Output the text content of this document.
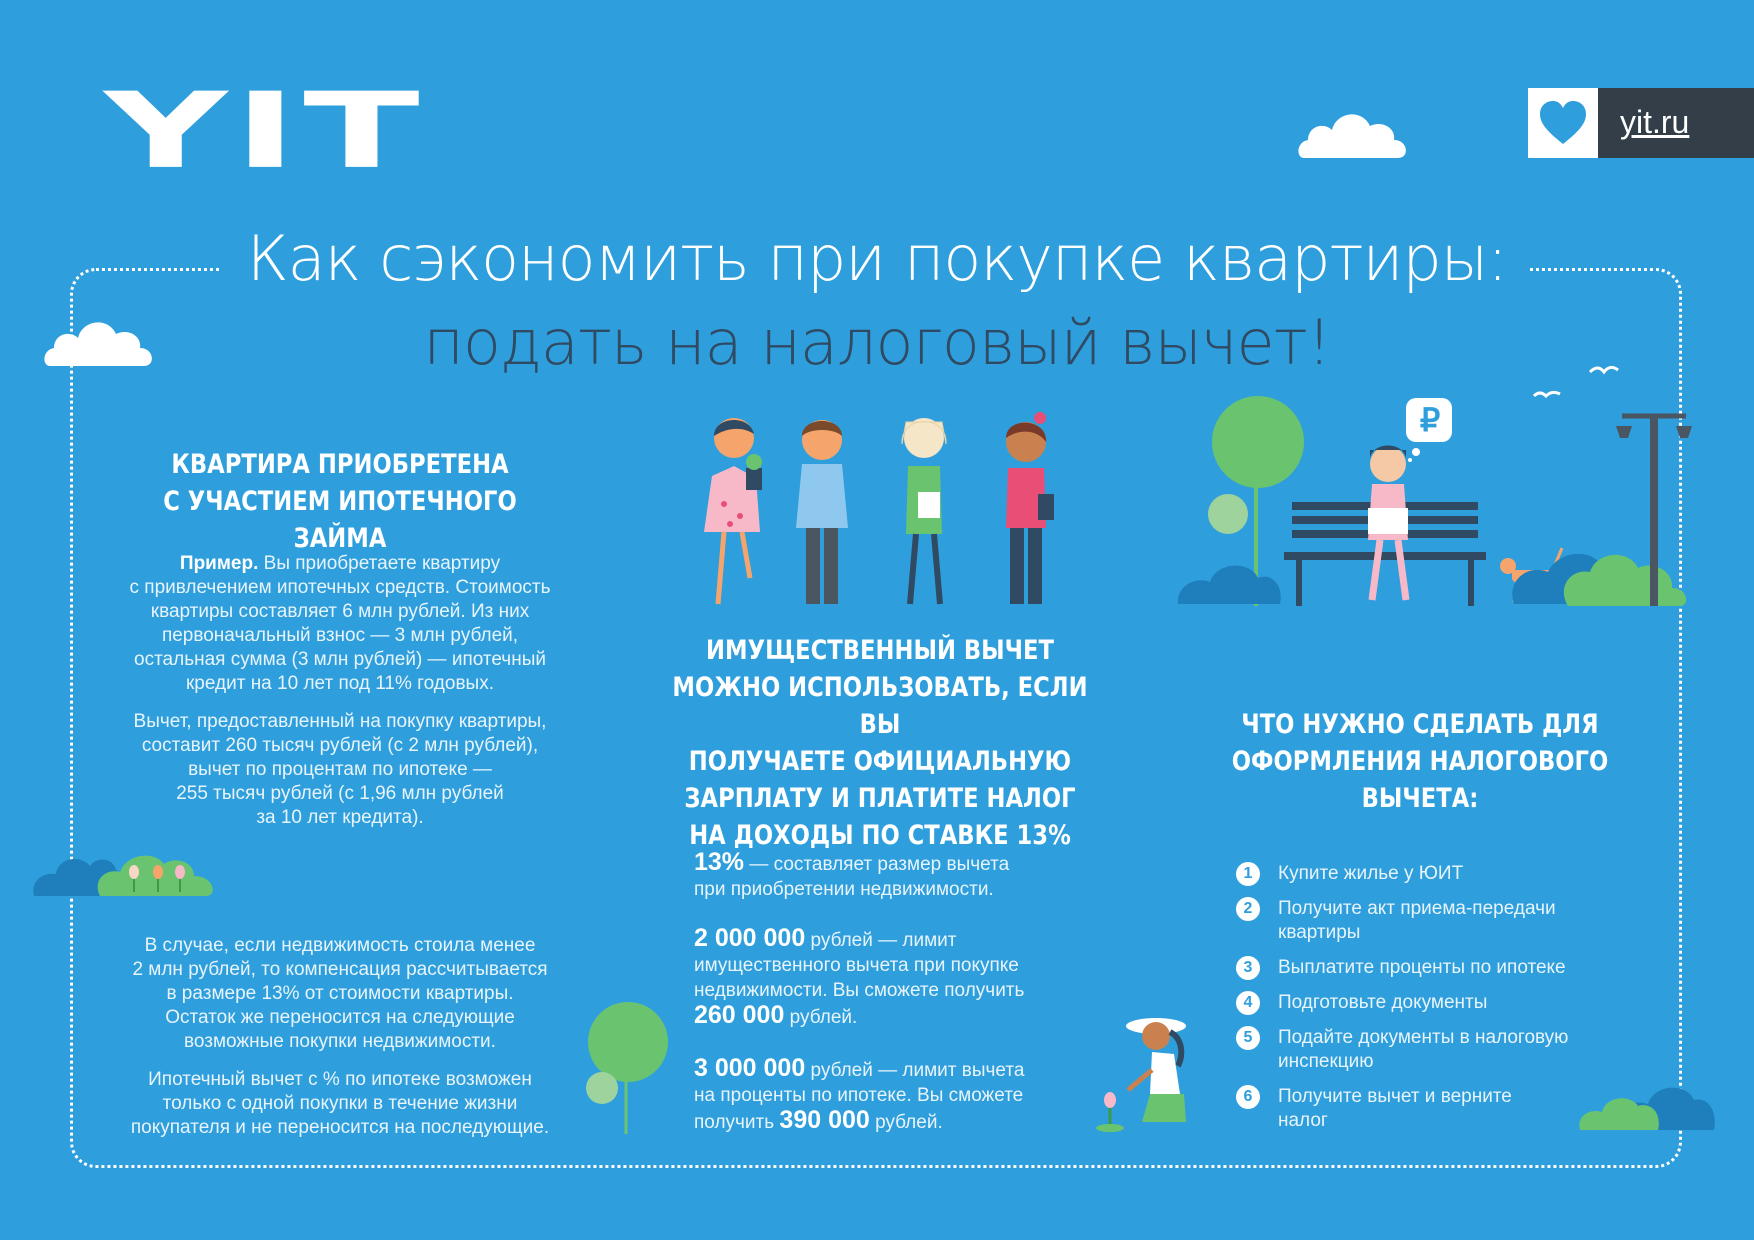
YIT	yit.ru
Как сэкономить при покупке квартиры:
подать на налоговый вычет!
КВАРТИРА ПРИОБРЕТЕНА
С УЧАСТИЕМ ИПОТЕЧНОГО ЗАЙМА
Пример. Вы приобретаете квартиру
с привлечением ипотечных средств. Стоимость
квартиры составляет 6 млн рублей. Из них
первоначальный взнос — 3 млн рублей,
остальная сумма (3 млн рублей) — ипотечный
кредит на 10 лет под 11% годовых.
Вычет, предоставленный на покупку квартиры,
составит 260 тысяч рублей (с 2 млн рублей),
вычет по процентам по ипотеке —
255 тысяч рублей (с 1,96 млн рублей
за 10 лет кредита).
В случае, если недвижимость стоила менее
2 млн рублей, то компенсация рассчитывается
в размере 13% от стоимости квартиры.
Остаток же переносится на следующие
возможные покупки недвижимости.
Ипотечный вычет с % по ипотеке возможен
только с одной покупки в течение жизни
покупателя и не переносится на последующие.
ИМУЩЕСТВЕННЫЙ ВЫЧЕТ
МОЖНО ИСПОЛЬЗОВАТЬ, ЕСЛИ ВЫ
ПОЛУЧАЕТЕ ОФИЦИАЛЬНУЮ
ЗАРПЛАТУ И ПЛАТИТЕ НАЛОГ
НА ДОХОДЫ ПО СТАВКЕ 13%
13% — составляет размер вычета
при приобретении недвижимости.
2 000 000 рублей — лимит
имущественного вычета при покупке
недвижимости. Вы сможете получить
260 000 рублей.
3 000 000 рублей — лимит вычета
на проценты по ипотеке. Вы сможете
получить 390 000 рублей.
₽
ЧТО НУЖНО СДЕЛАТЬ ДЛЯ
ОФОРМЛЕНИЯ НАЛОГОВОГО
ВЫЧЕТА:
1	Купите жилье у ЮИТ
2	Получите акт приема-передачи
квартиры
3	Выплатите проценты по ипотеке
4	Подготовьте документы
5	Подайте документы в налоговую
инспекцию
6	Получите вычет и верните
налог
